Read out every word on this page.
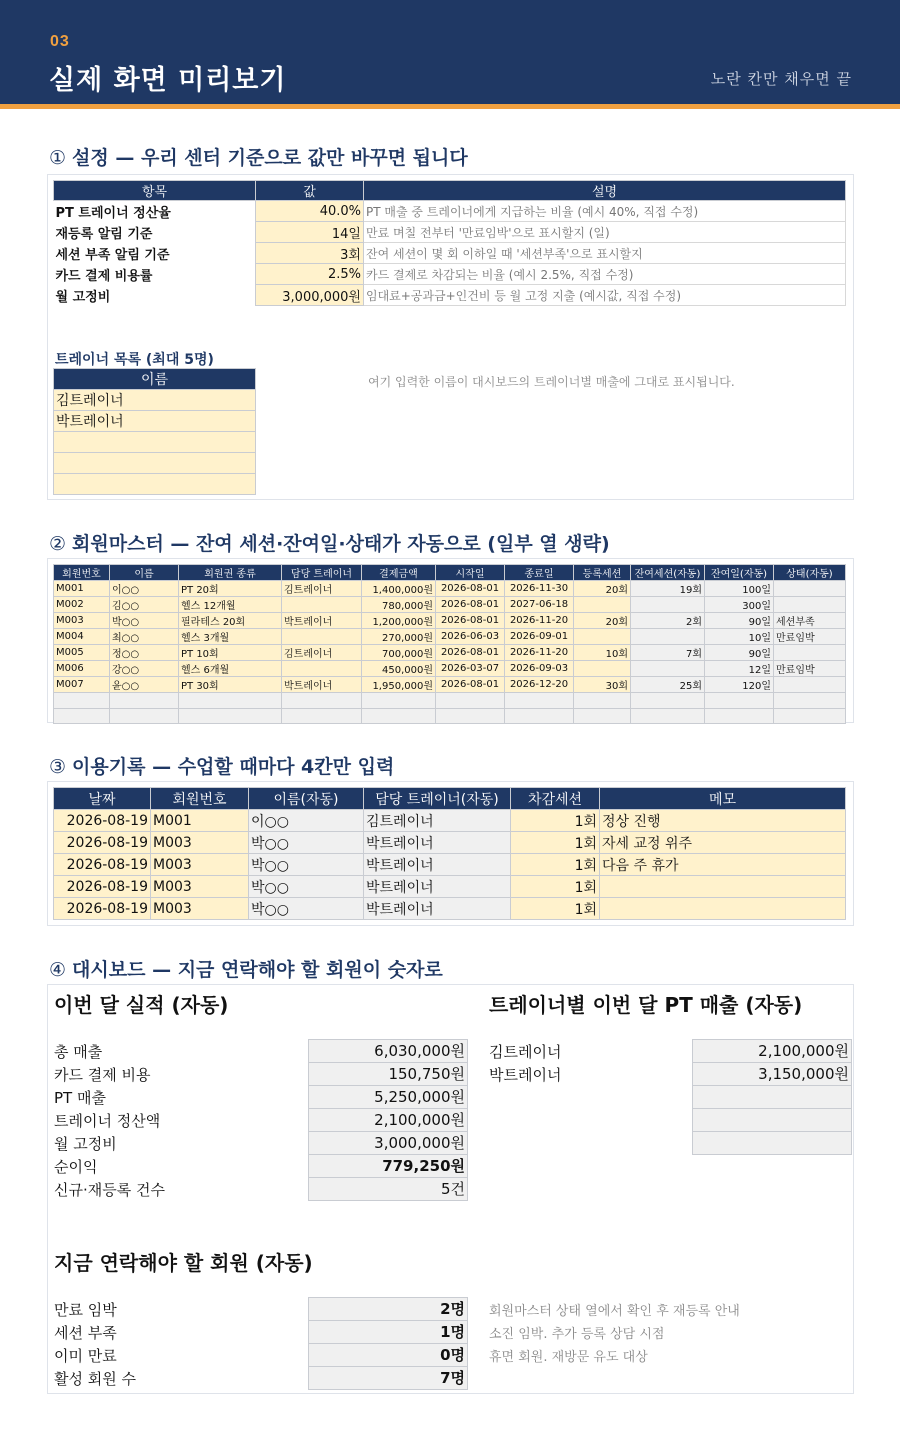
03
실제 화면 미리보기	노란 칸만 채우면 끝
① 설정 — 우리 센터 기준으로 값만 바꾸면 됩니다
항목	값	설명
PT 트레이너 정산율	40.0%	PT 매출 중 트레이너에게 지급하는 비율 (예시 40%, 직접 수정)
재등록 알림 기준	14일	만료 며칠 전부터 '만료임박'으로 표시할지 (일)
세션 부족 알림 기준	3회	잔여 세션이 몇 회 이하일 때 '세션부족'으로 표시할지
카드 결제 비용률	2.5%	카드 결제로 차감되는 비율 (예시 2.5%, 직접 수정)
월 고정비	3,000,000원	임대료+공과금+인건비 등 월 고정 지출 (예시값, 직접 수정)
트레이너 목록 (최대 5명)
이름
김트레이너
박트레이너

여기 입력한 이름이 대시보드의 트레이너별 매출에 그대로 표시됩니다.
② 회원마스터 — 잔여 세션·잔여일·상태가 자동으로 (일부 열 생략)
회원번호	이름	회원권 종류	담당 트레이너	결제금액	시작일	종료일	등록세션	잔여세션(자동)	잔여일(자동)	상태(자동)
M001	이○○	PT 20회	김트레이너	1,400,000원	2026-08-01	2026-11-30	20회	19회	100일	
M002	김○○	헬스 12개월		780,000원	2026-08-01	2027-06-18			300일	
M003	박○○	필라테스 20회	박트레이너	1,200,000원	2026-08-01	2026-11-20	20회	2회	90일	세션부족
M004	최○○	헬스 3개월		270,000원	2026-06-03	2026-09-01			10일	만료임박
M005	정○○	PT 10회	김트레이너	700,000원	2026-08-01	2026-11-20	10회	7회	90일	
M006	강○○	헬스 6개월		450,000원	2026-03-07	2026-09-03			12일	만료임박
M007	윤○○	PT 30회	박트레이너	1,950,000원	2026-08-01	2026-12-20	30회	25회	120일	

③ 이용기록 — 수업할 때마다 4칸만 입력
날짜	회원번호	이름(자동)	담당 트레이너(자동)	차감세션	메모
2026-08-19	M001	이○○	김트레이너	1회	정상 진행
2026-08-19	M003	박○○	박트레이너	1회	자세 교정 위주
2026-08-19	M003	박○○	박트레이너	1회	다음 주 휴가
2026-08-19	M003	박○○	박트레이너	1회	
2026-08-19	M003	박○○	박트레이너	1회	
④ 대시보드 — 지금 연락해야 할 회원이 숫자로
이번 달 실적 (자동)	트레이너별 이번 달 PT 매출 (자동)
총 매출	6,030,000원
카드 결제 비용	150,750원
PT 매출	5,250,000원
트레이너 정산액	2,100,000원
월 고정비	3,000,000원
순이익	779,250원
신규·재등록 건수	5건
김트레이너	2,100,000원
박트레이너	3,150,000원
지금 연락해야 할 회원 (자동)
만료 임박	2명 회원마스터 상태 열에서 확인 후 재등록 안내
세션 부족	1명 소진 임박. 추가 등록 상담 시점
이미 만료	0명 휴면 회원. 재방문 유도 대상
활성 회원 수	7명
